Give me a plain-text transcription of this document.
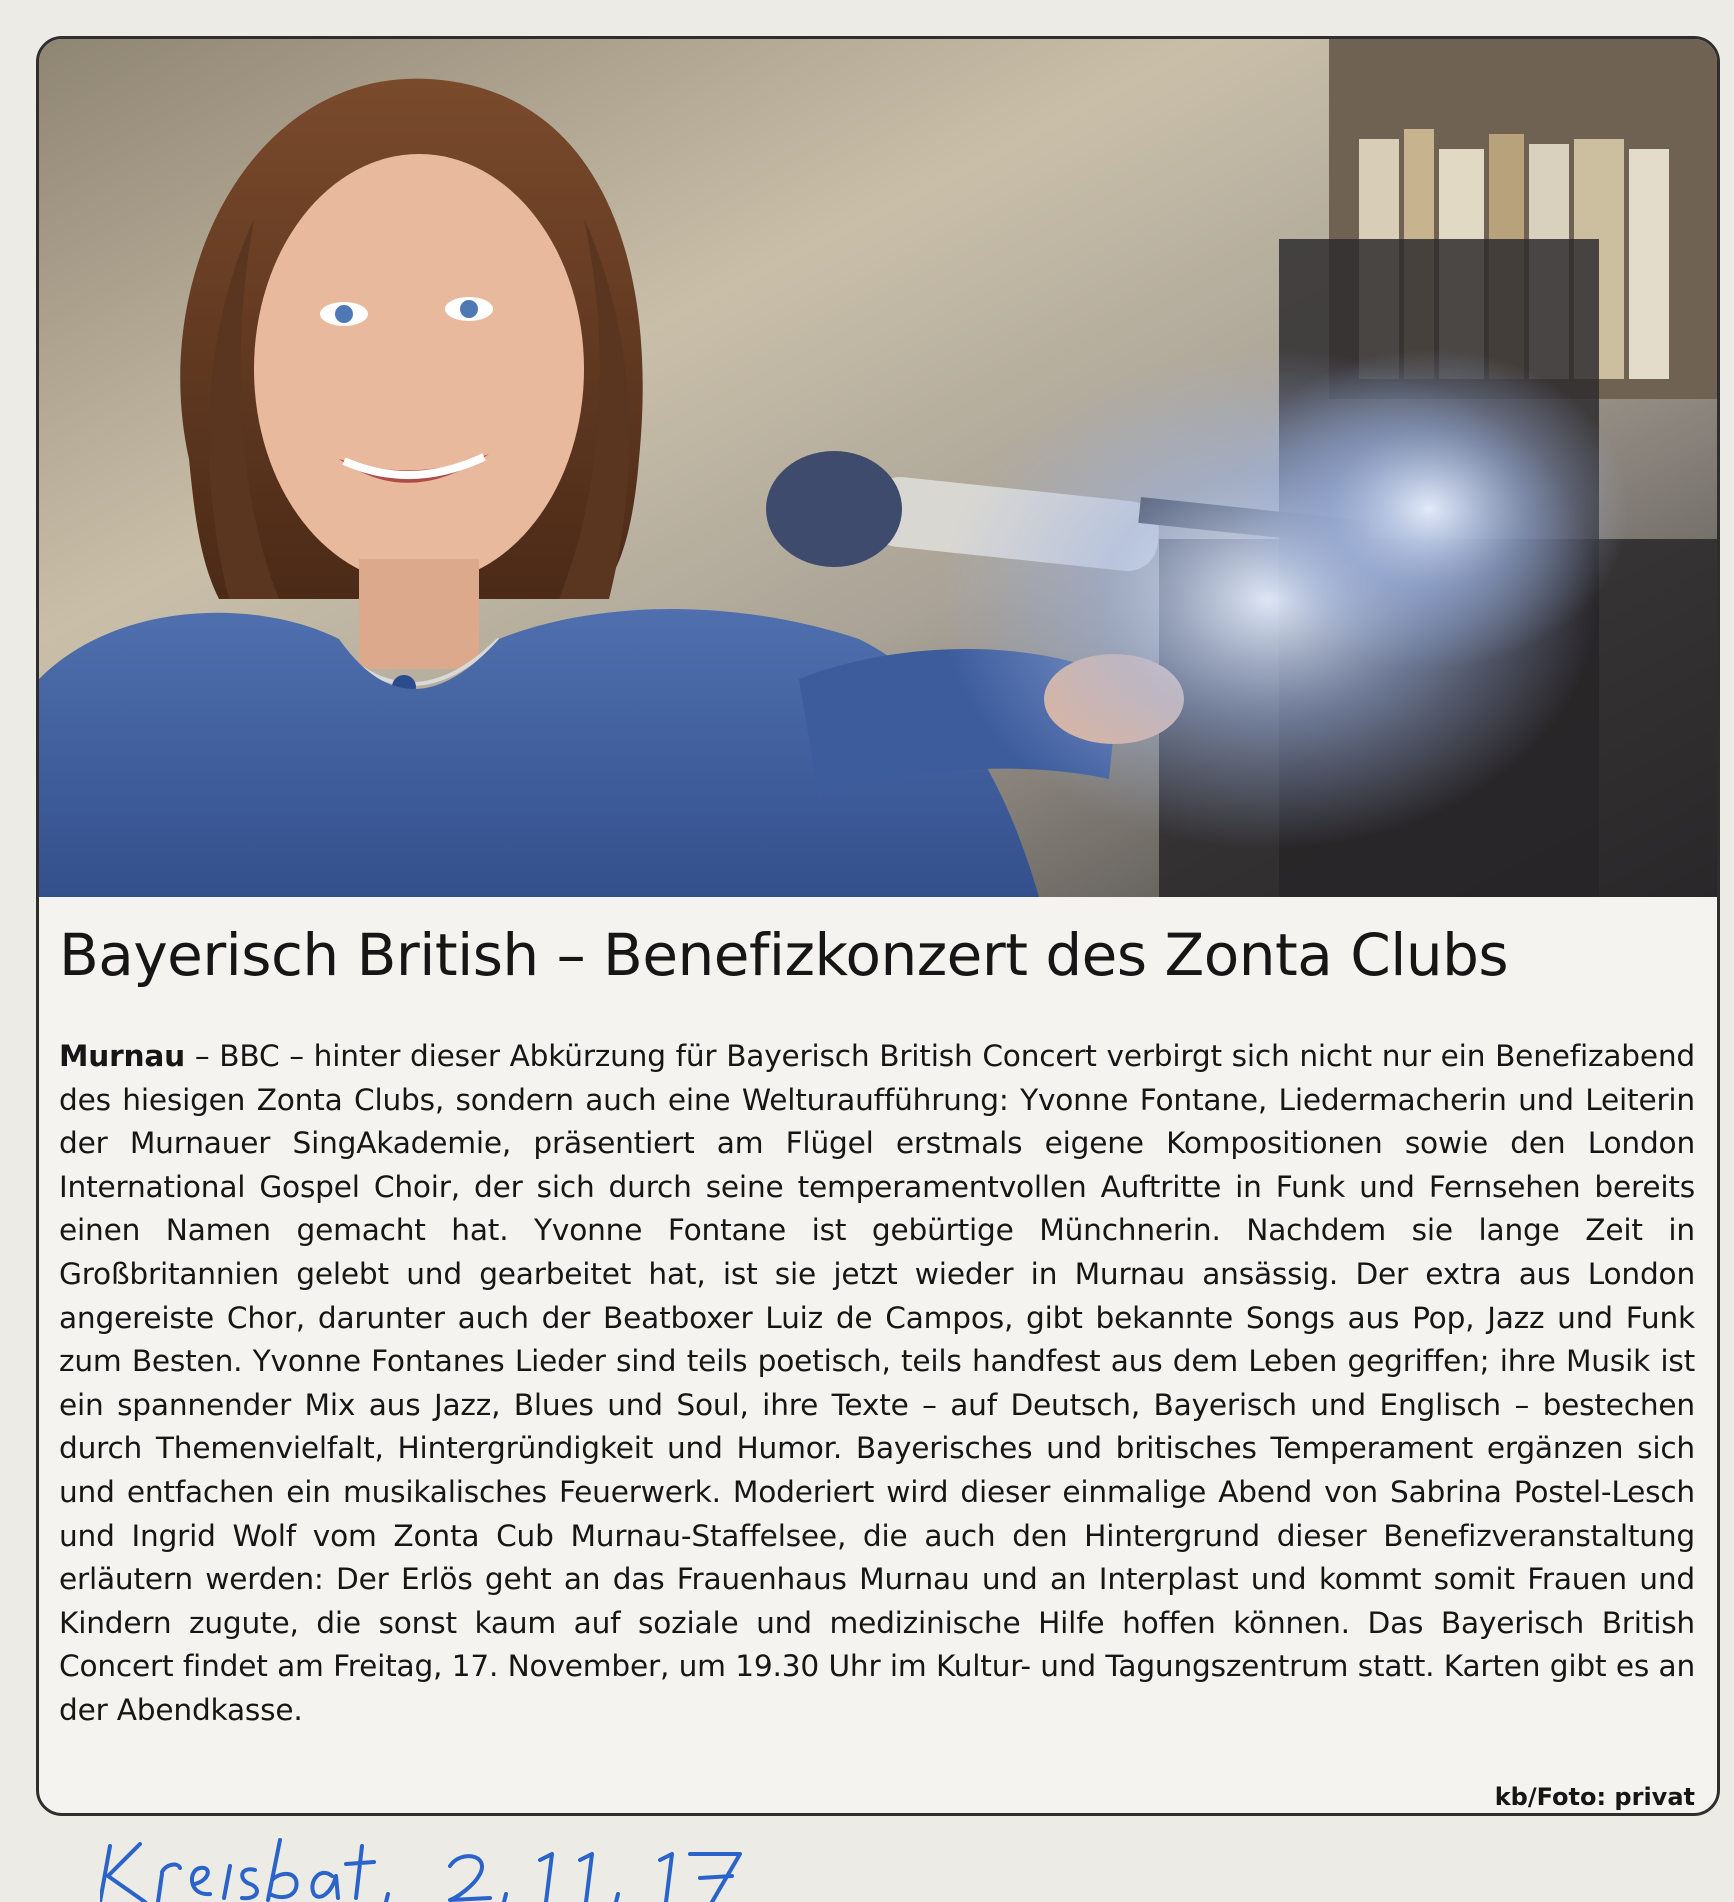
Bayerisch British – Benefizkonzert des Zonta Clubs

Murnau – BBC – hinter dieser Abkürzung für Bayerisch British Concert verbirgt sich nicht nur ein Benefizabend des hiesigen Zonta Clubs, sondern auch eine Welturaufführung: Yvonne Fontane, Liedermacherin und Leiterin der Murnauer SingAkademie, präsentiert am Flügel erstmals eigene Kompositionen sowie den London International Gospel Choir, der sich durch seine temperamentvollen Auftritte in Funk und Fernsehen bereits einen Namen gemacht hat. Yvonne Fontane ist gebürtige Münchnerin. Nachdem sie lange Zeit in Großbritannien gelebt und gearbeitet hat, ist sie jetzt wieder in Murnau ansässig. Der extra aus London angereiste Chor, darunter auch der Beatboxer Luiz de Campos, gibt bekannte Songs aus Pop, Jazz und Funk zum Besten. Yvonne Fontanes Lieder sind teils poetisch, teils handfest aus dem Leben gegriffen; ihre Musik ist ein spannender Mix aus Jazz, Blues und Soul, ihre Texte – auf Deutsch, Bayerisch und Englisch – bestechen durch Themenvielfalt, Hintergründigkeit und Humor. Bayerisches und britisches Temperament ergänzen sich und entfachen ein musikalisches Feuerwerk. Moderiert wird dieser einmalige Abend von Sabrina Postel-Lesch und Ingrid Wolf vom Zonta Cub Murnau-Staffelsee, die auch den Hintergrund dieser Benefizveranstaltung erläutern werden: Der Erlös geht an das Frauenhaus Murnau und an Interplast und kommt somit Frauen und Kindern zugute, die sonst kaum auf soziale und medizinische Hilfe hoffen können. Das Bayerisch British Concert findet am Freitag, 17. November, um 19.30 Uhr im Kultur- und Tagungszentrum statt. Karten gibt es an der Abendkasse.

kb/Foto: privat
